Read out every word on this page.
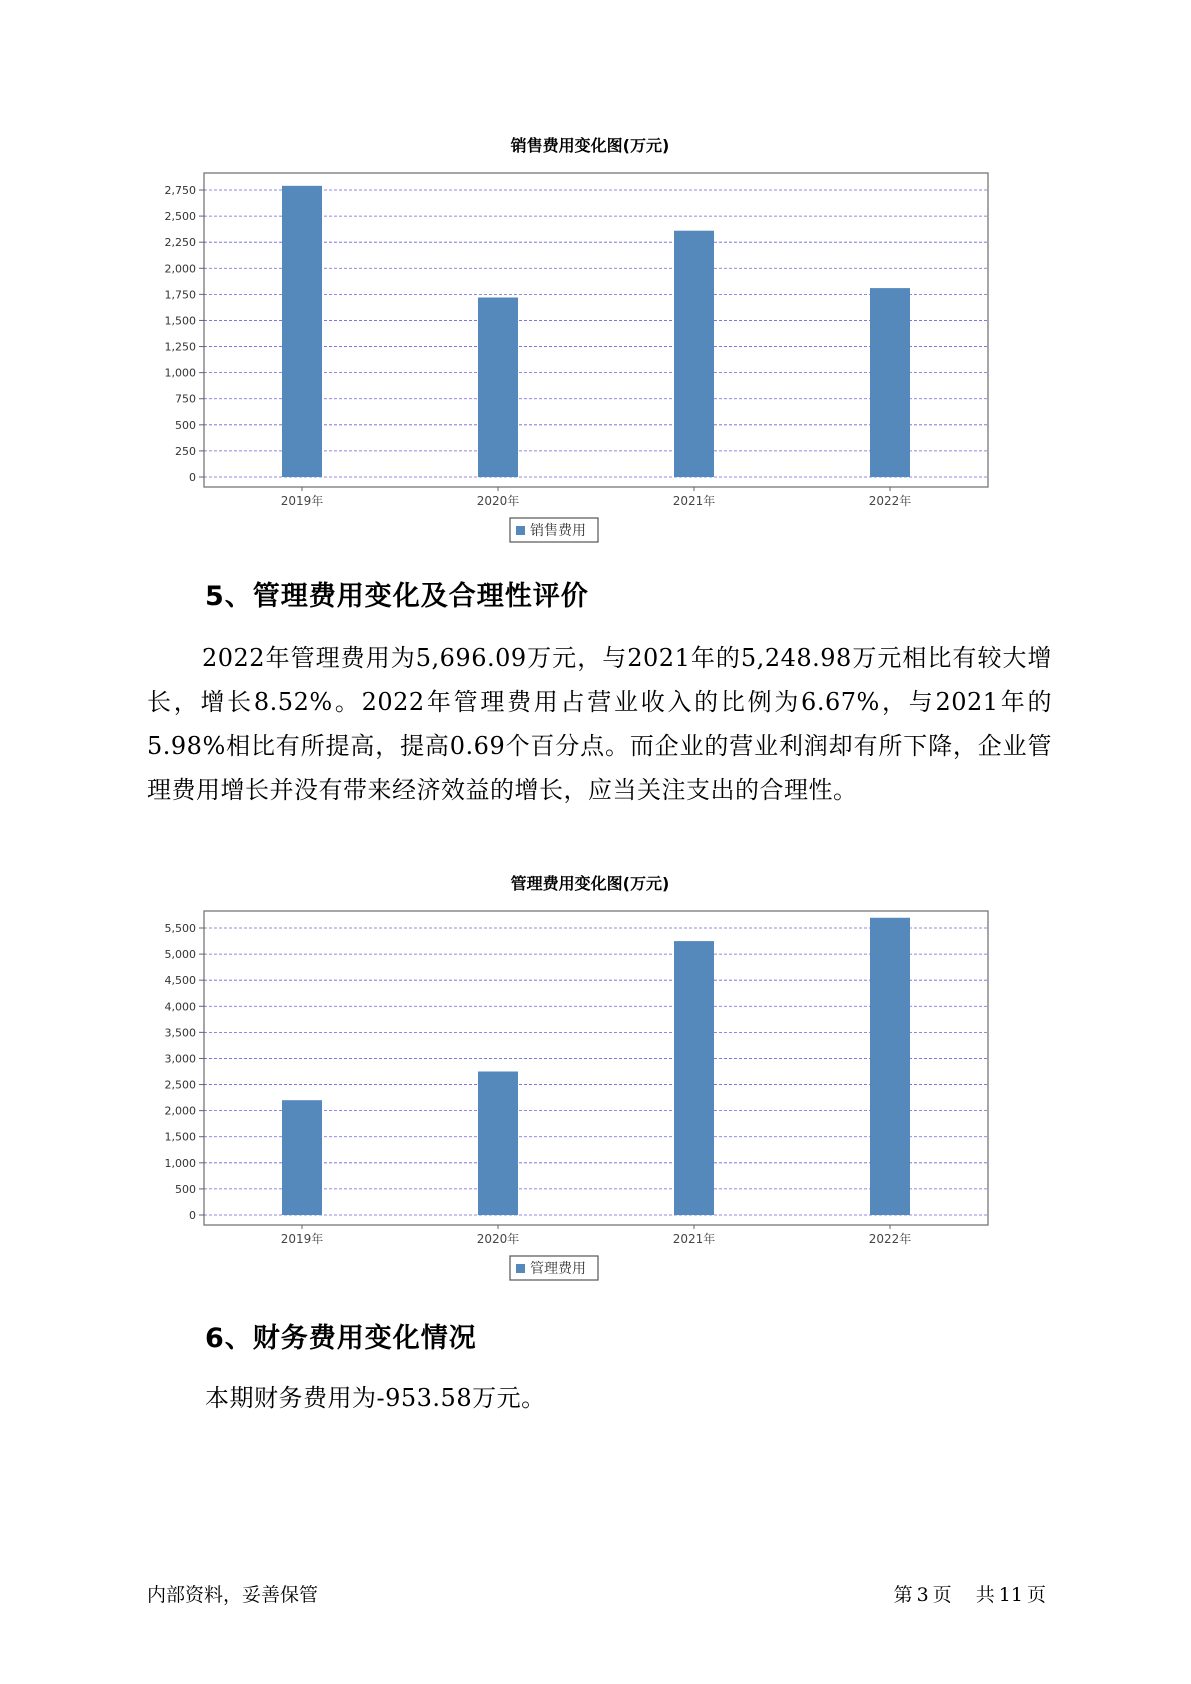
销售费用变化图(万元)
0
250
500
750
1,000
1,250
1,500
1,750
2,000
2,250
2,500
2,750
2019年	2020年	2021年	2022年
销售费用
5、管理费用变化及合理性评价
2022年管理费用为5,696.09万元，与2021年的5,248.98万元相比有较大增长，增长8.52%。2022年管理费用占营业收入的比例为6.67%，与2021年的5.98%相比有所提高，提高0.69个百分点。而企业的营业利润却有所下降，企业管理费用增长并没有带来经济效益的增长，应当关注支出的合理性。
管理费用变化图(万元)
0
500
1,000
1,500
2,000
2,500
3,000
3,500
4,000
4,500
5,000
5,500
2019年	2020年	2021年	2022年
管理费用
6、财务费用变化情况
本期财务费用为-953.58万元。
内部资料，妥善保管	第 3 页 共 11 页
